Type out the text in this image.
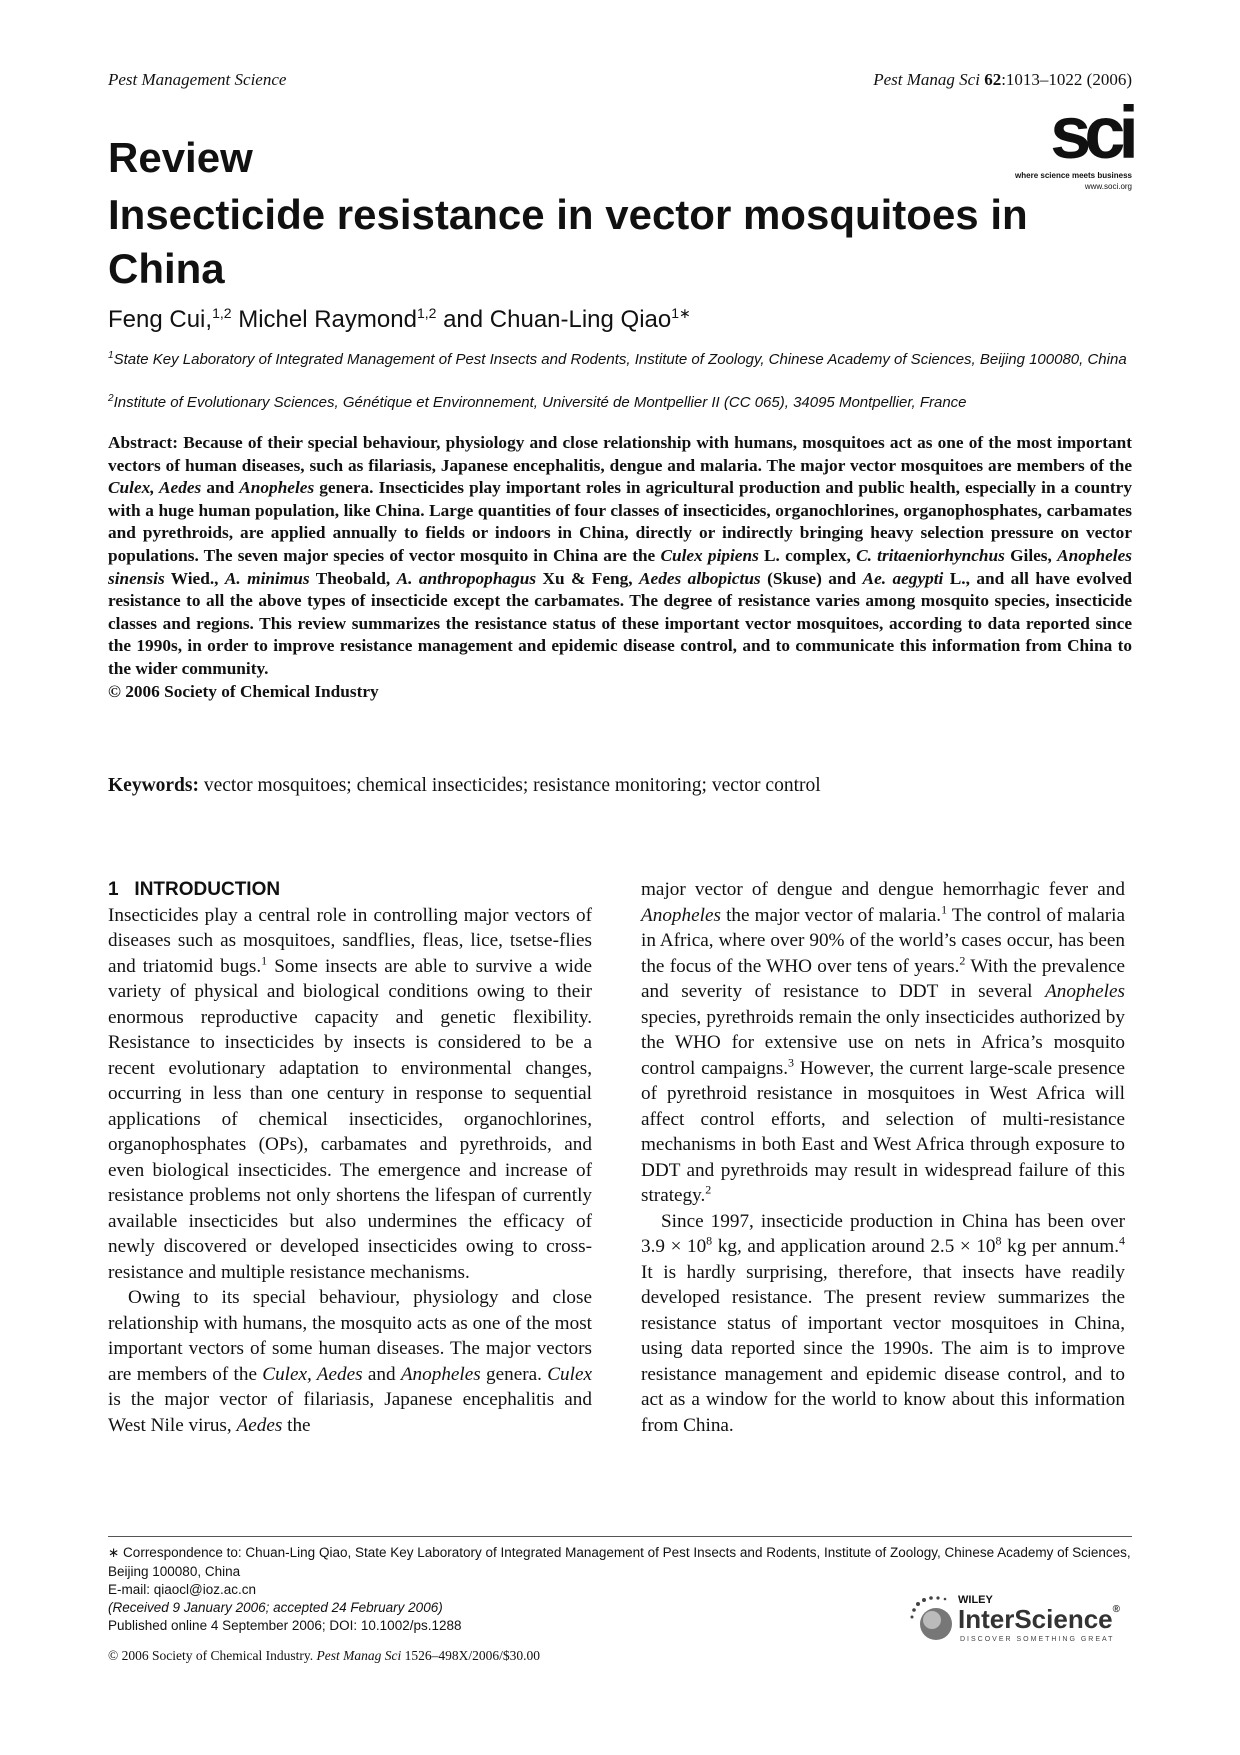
Pest Management Science	Pest Manag Sci 62:1013–1022 (2006)
sci
where science meets business
www.soci.org
Review
Insecticide resistance in vector mosquitoes in China
Feng Cui,$^{1,2}$ Michel Raymond$^{1,2}$ and Chuan-Ling Qiao$^{1∗}$
$^1$State Key Laboratory of Integrated Management of Pest Insects and Rodents, Institute of Zoology, Chinese Academy of Sciences, Beijing 100080, China
$^2$Institute of Evolutionary Sciences, Génétique et Environnement, Université de Montpellier II (CC 065), 34095 Montpellier, France
Abstract: Because of their special behaviour, physiology and close relationship with humans, mosquitoes act as one of the most important vectors of human diseases, such as filariasis, Japanese encephalitis, dengue and malaria. The major vector mosquitoes are members of the Culex, Aedes and Anopheles genera. Insecticides play important roles in agricultural production and public health, especially in a country with a huge human population, like China. Large quantities of four classes of insecticides, organochlorines, organophosphates, carbamates and pyrethroids, are applied annually to fields or indoors in China, directly or indirectly bringing heavy selection pressure on vector populations. The seven major species of vector mosquito in China are the Culex pipiens L. complex, C. tritaeniorhynchus Giles, Anopheles sinensis Wied., A. minimus Theobald, A. anthropophagus Xu & Feng, Aedes albopictus (Skuse) and Ae. aegypti L., and all have evolved resistance to all the above types of insecticide except the carbamates. The degree of resistance varies among mosquito species, insecticide classes and regions. This review summarizes the resistance status of these important vector mosquitoes, according to data reported since the 1990s, in order to improve resistance management and epidemic disease control, and to communicate this information from China to the wider community.
© 2006 Society of Chemical Industry
Keywords: vector mosquitoes; chemical insecticides; resistance monitoring; vector control
1 INTRODUCTION

Insecticides play a central role in controlling major vectors of diseases such as mosquitoes, sandflies, fleas, lice, tsetse-flies and triatomid bugs.$^1$ Some insects are able to survive a wide variety of physical and biological conditions owing to their enormous reproductive capacity and genetic flexibility. Resistance to insecticides by insects is considered to be a recent evolutionary adaptation to environmental changes, occurring in less than one century in response to sequential applications of chemical insecticides, organochlorines, organophosphates (OPs), carbamates and pyrethroids, and even biological insecticides. The emergence and increase of resistance problems not only shortens the lifespan of currently available insecticides but also undermines the efficacy of newly discovered or developed insecticides owing to cross-resistance and multiple resistance mechanisms.

Owing to its special behaviour, physiology and close relationship with humans, the mosquito acts as one of the most important vectors of some human diseases. The major vectors are members of the Culex, Aedes and Anopheles genera. Culex is the major vector of filariasis, Japanese encephalitis and West Nile virus, Aedes the

major vector of dengue and dengue hemorrhagic fever and Anopheles the major vector of malaria.$^1$ The control of malaria in Africa, where over 90% of the world’s cases occur, has been the focus of the WHO over tens of years.$^2$ With the prevalence and severity of resistance to DDT in several Anopheles species, pyrethroids remain the only insecticides authorized by the WHO for extensive use on nets in Africa’s mosquito control campaigns.$^3$ However, the current large-scale presence of pyrethroid resistance in mosquitoes in West Africa will affect control efforts, and selection of multi-resistance mechanisms in both East and West Africa through exposure to DDT and pyrethroids may result in widespread failure of this strategy.$^2$

Since 1997, insecticide production in China has been over $3.9 \times 10^8$ kg, and application around $2.5 \times 10^8$ kg per annum.$^4$ It is hardly surprising, therefore, that insects have readily developed resistance. The present review summarizes the resistance status of important vector mosquitoes in China, using data reported since the 1990s. The aim is to improve resistance management and epidemic disease control, and to act as a window for the world to know about this information from China.

∗ Correspondence to: Chuan-Ling Qiao, State Key Laboratory of Integrated Management of Pest Insects and Rodents, Institute of Zoology, Chinese Academy of Sciences, Beijing 100080, China
E-mail: qiaocl@ioz.ac.cn
(Received 9 January 2006; accepted 24 February 2006)
Published online 4 September 2006; DOI: 10.1002/ps.1288
© 2006 Society of Chemical Industry. Pest Manag Sci 1526–498X/2006/$30.00
WILEY
InterScience®
DISCOVER SOMETHING GREAT
